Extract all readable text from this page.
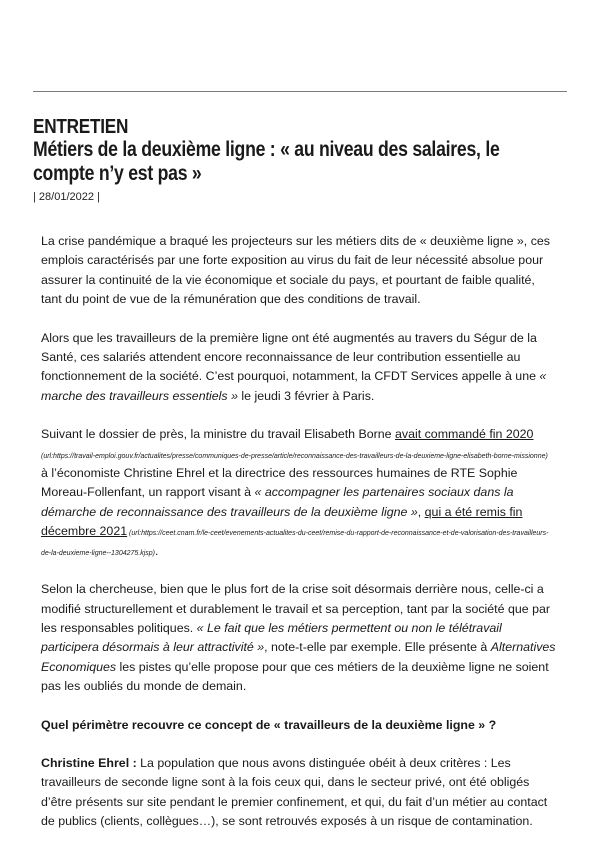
ENTRETIEN
Métiers de la deuxième ligne : « au niveau des salaires, le compte n’y est pas »
| 28/01/2022 |

La crise pandémique a braqué les projecteurs sur les métiers dits de « deuxième ligne », ces emplois caractérisés par une forte exposition au virus du fait de leur nécessité absolue pour assurer la continuité de la vie économique et sociale du pays, et pourtant de faible qualité, tant du point de vue de la rémunération que des conditions de travail.

Alors que les travailleurs de la première ligne ont été augmentés au travers du Ségur de la Santé, ces salariés attendent encore reconnaissance de leur contribution essentielle au fonctionnement de la société. C’est pourquoi, notamment, la CFDT Services appelle à une « marche des travailleurs essentiels » le jeudi 3 février à Paris.

Suivant le dossier de près, la ministre du travail Elisabeth Borne avait commandé fin 2020 (url:https://travail-emploi.gouv.fr/actualites/presse/communiques-de-presse/article/reconnaissance-des-travailleurs-de-la-deuxieme-ligne-elisabeth-borne-missionne) à l’économiste Christine Ehrel et la directrice des ressources humaines de RTE Sophie Moreau-Follenfant, un rapport visant à « accompagner les partenaires sociaux dans la démarche de reconnaissance des travailleurs de la deuxième ligne », qui a été remis fin décembre 2021 (url:https://ceet.cnam.fr/le-ceet/evenements-actualites-du-ceet/remise-du-rapport-de-reconnaissance-et-de-valorisation-des-travailleurs-de-la-deuxieme-ligne--1304275.kjsp).

Selon la chercheuse, bien que le plus fort de la crise soit désormais derrière nous, celle-ci a modifié structurellement et durablement le travail et sa perception, tant par la société que par les responsables politiques. « Le fait que les métiers permettent ou non le télétravail participera désormais à leur attractivité », note-t-elle par exemple. Elle présente à Alternatives Economiques les pistes qu’elle propose pour que ces métiers de la deuxième ligne ne soient pas les oubliés du monde de demain.

Quel périmètre recouvre ce concept de « travailleurs de la deuxième ligne » ?

Christine Ehrel : La population que nous avons distinguée obéit à deux critères : Les travailleurs de seconde ligne sont à la fois ceux qui, dans le secteur privé, ont été obligés d’être présents sur site pendant le premier confinement, et qui, du fait d’un métier au contact de publics (clients, collègues…), se sont retrouvés exposés à un risque de contamination.
